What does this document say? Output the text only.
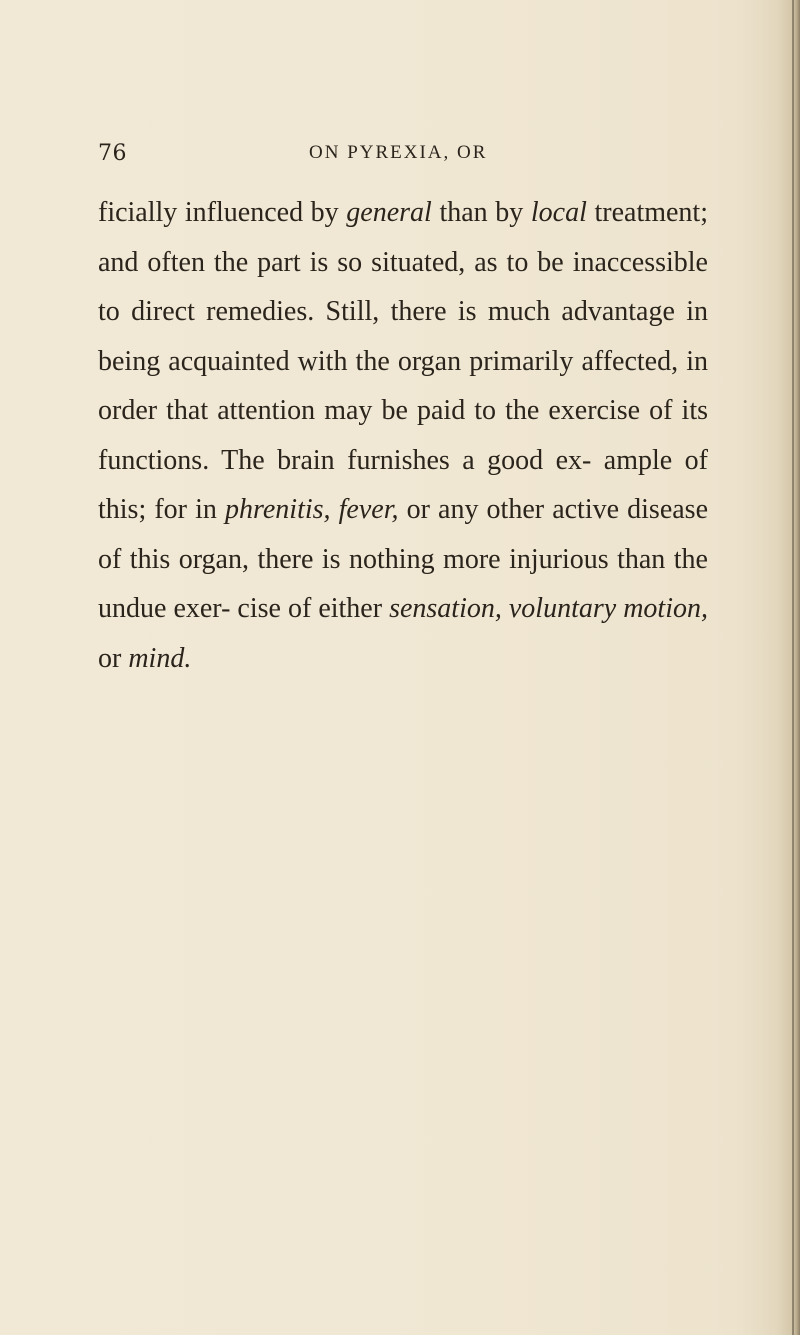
76	ON PYREXIA, OR

ficially influenced by general than by local treatment; and often the part is so situated, as to be inaccessible to direct remedies. Still, there is much advantage in being acquainted with the organ primarily affected, in order that attention may be paid to the exercise of its functions. The brain furnishes a good ex- ample of this; for in phrenitis, fever, or any other active disease of this organ, there is nothing more injurious than the undue exer- cise of either sensation, voluntary motion, or mind.
